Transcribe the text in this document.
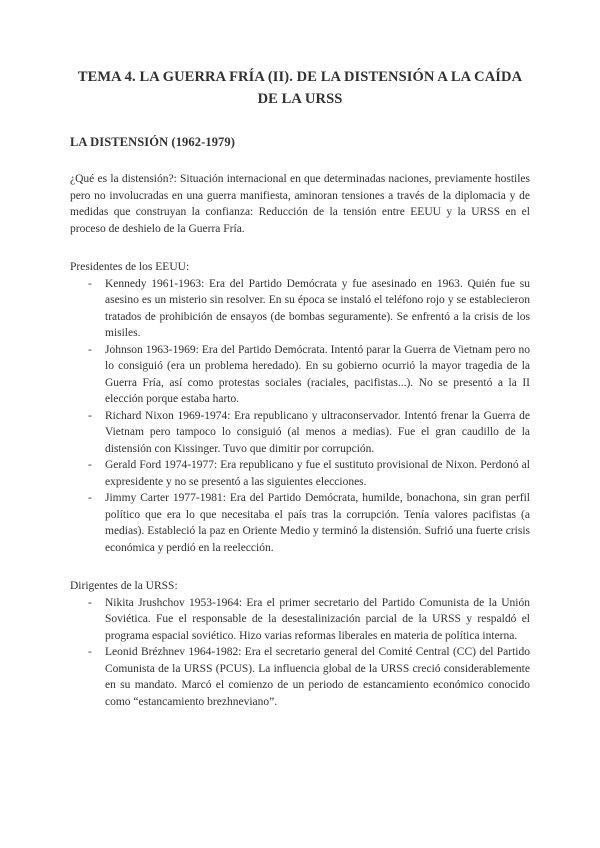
TEMA 4. LA GUERRA FRÍA (II). DE LA DISTENSIÓN A LA CAÍDA DE LA URSS
LA DISTENSIÓN (1962-1979)

¿Qué es la distensión?: Situación internacional en que determinadas naciones, previamente hostiles pero no involucradas en una guerra manifiesta, aminoran tensiones a través de la diplomacia y de medidas que construyan la confianza: Reducción de la tensión entre EEUU y la URSS en el proceso de deshielo de la Guerra Fría.

Presidentes de los EEUU:

-	Kennedy 1961-1963: Era del Partido Demócrata y fue asesinado en 1963. Quién fue su asesino es un misterio sin resolver. En su época se instaló el teléfono rojo y se establecieron tratados de prohibición de ensayos (de bombas seguramente). Se enfrentó a la crisis de los misiles.
-	Johnson 1963-1969: Era del Partido Demócrata. Intentó parar la Guerra de Vietnam pero no lo consiguió (era un problema heredado). En su gobierno ocurrió la mayor tragedia de la Guerra Fría, así como protestas sociales (raciales, pacifistas...). No se presentó a la II elección porque estaba harto.
-	Richard Nixon 1969-1974: Era republicano y ultraconservador. Intentó frenar la Guerra de Vietnam pero tampoco lo consiguió (al menos a medias). Fue el gran caudillo de la distensión con Kissinger. Tuvo que dimitir por corrupción.
-	Gerald Ford 1974-1977: Era republicano y fue el sustituto provisional de Nixon. Perdonó al expresidente y no se presentó a las siguientes elecciones.
-	Jimmy Carter 1977-1981: Era del Partido Demócrata, humilde, bonachona, sin gran perfil político que era lo que necesitaba el país tras la corrupción. Tenía valores pacifistas (a medias). Estableció la paz en Oriente Medio y terminó la distensión. Sufrió una fuerte crisis económica y perdió en la reelección.

Dirigentes de la URSS:

-	Nikita Jrushchov 1953-1964: Era el primer secretario del Partido Comunista de la Unión Soviética. Fue el responsable de la desestalinización parcial de la URSS y respaldó el programa espacial soviético. Hizo varias reformas liberales en materia de política interna.
-	Leonid Brézhnev 1964-1982: Era el secretario general del Comité Central (CC) del Partido Comunista de la URSS (PCUS). La influencia global de la URSS creció considerablemente en su mandato. Marcó el comienzo de un periodo de estancamiento económico conocido como “estancamiento brezhneviano”.
